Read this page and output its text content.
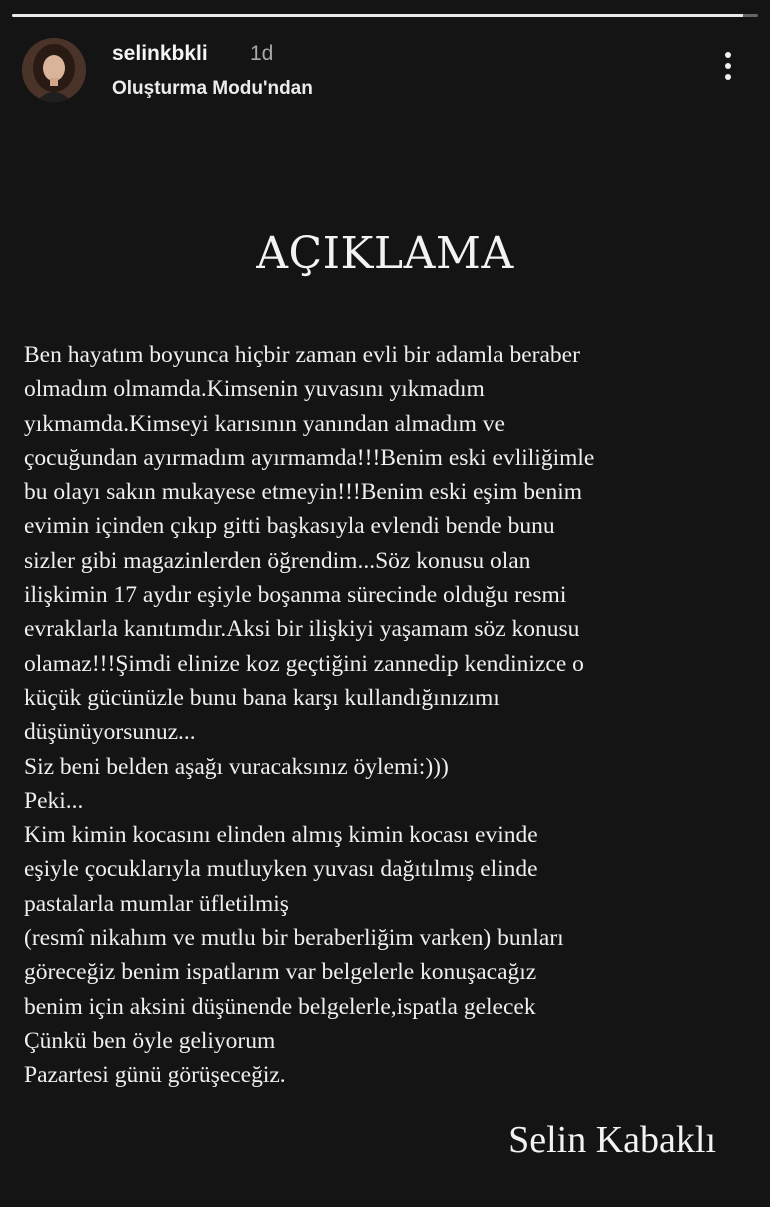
selinkbkli 1d
Oluşturma Modu'ndan
AÇIKLAMA
Ben hayatım boyunca hiçbir zaman evli bir adamla beraber
olmadım olmamda.Kimsenin yuvasını yıkmadım
yıkmamda.Kimseyi karısının yanından almadım ve
çocuğundan ayırmadım ayırmamda!!!Benim eski evliliğimle
bu olayı sakın mukayese etmeyin!!!Benim eski eşim benim
evimin içinden çıkıp gitti başkasıyla evlendi bende bunu
sizler gibi magazinlerden öğrendim...Söz konusu olan
ilişkimin 17 aydır eşiyle boşanma sürecinde olduğu resmi
evraklarla kanıtımdır.Aksi bir ilişkiyi yaşamam söz konusu
olamaz!!!Şimdi elinize koz geçtiğini zannedip kendinizce o
küçük gücünüzle bunu bana karşı kullandığınızımı
düşünüyorsunuz...
Siz beni belden aşağı vuracaksınız öylemi:)))
Peki...
Kim kimin kocasını elinden almış kimin kocası evinde
eşiyle çocuklarıyla mutluyken yuvası dağıtılmış elinde
pastalarla mumlar üfletilmiş
(resmî nikahım ve mutlu bir beraberliğim varken) bunları
göreceğiz benim ispatlarım var belgelerle konuşacağız
benim için aksini düşünende belgelerle,ispatla gelecek
Çünkü ben öyle geliyorum
Pazartesi günü görüşeceğiz.
Selin Kabaklı
